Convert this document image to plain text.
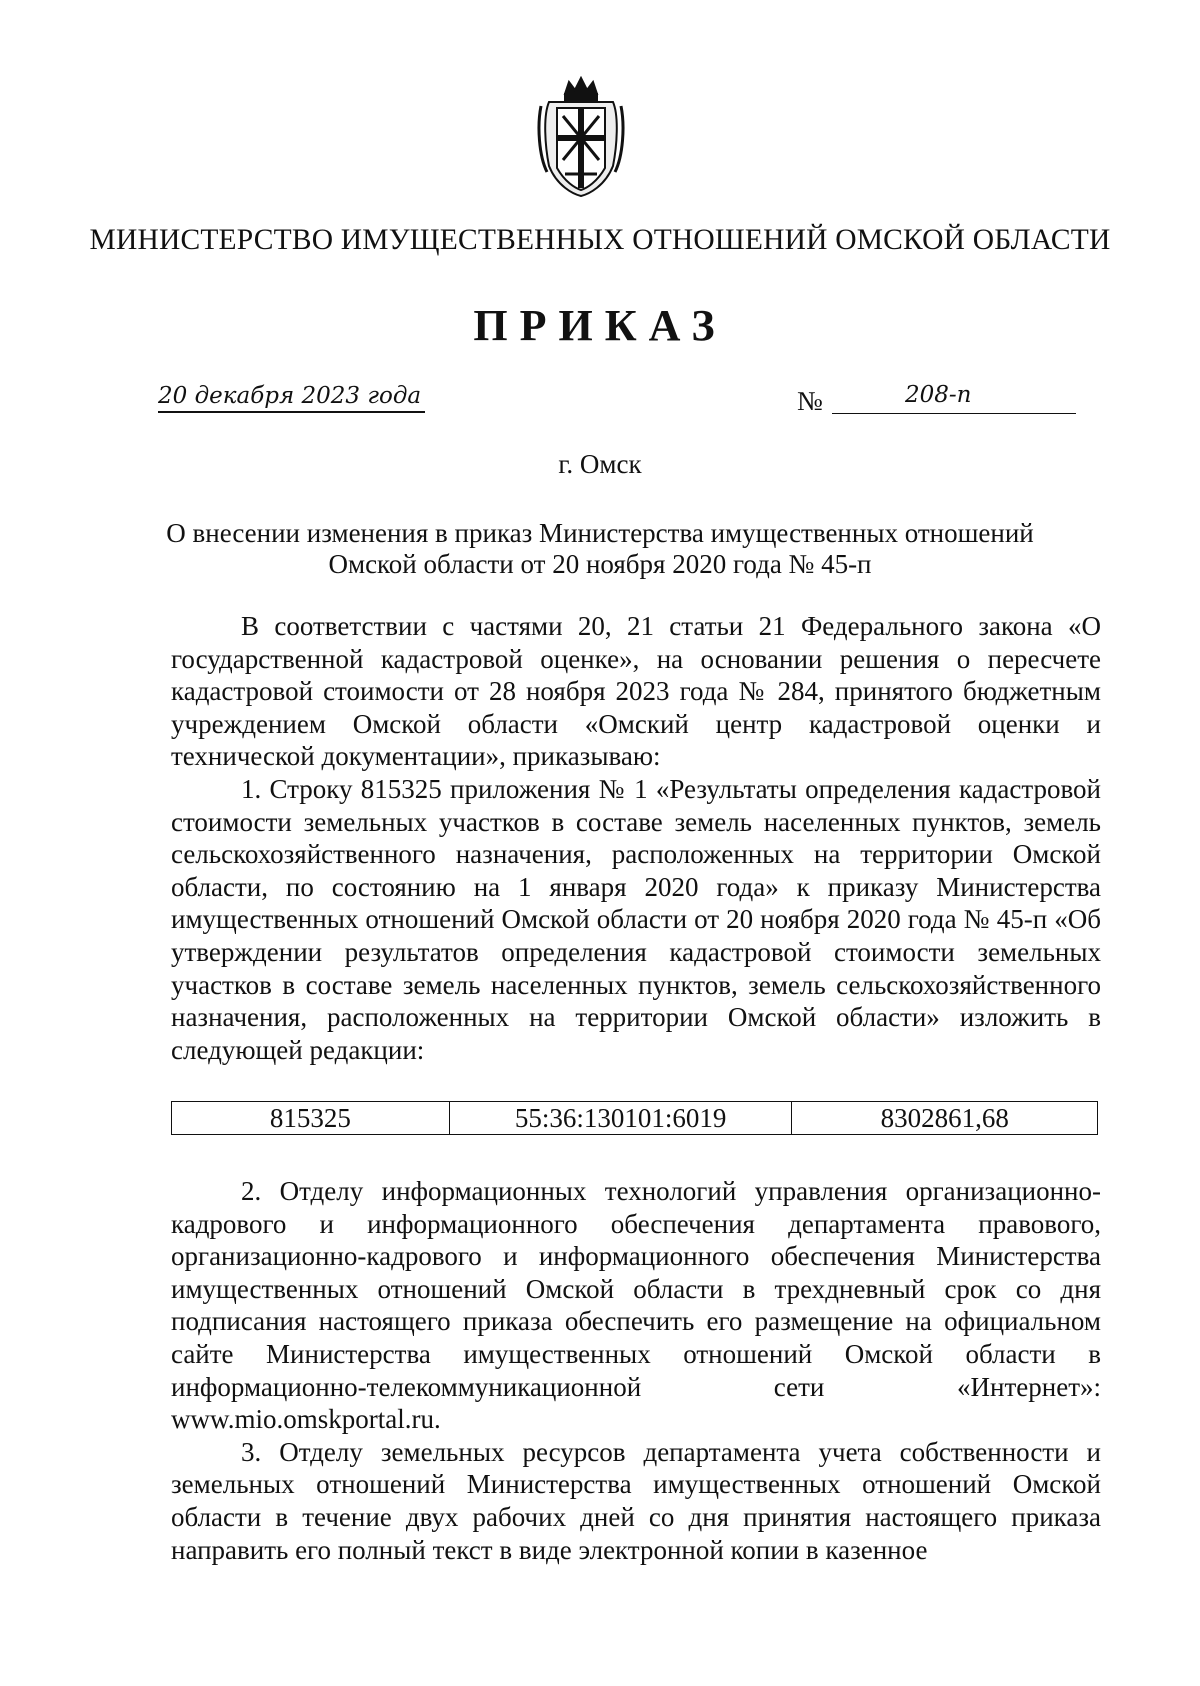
МИНИСТЕРСТВО ИМУЩЕСТВЕННЫХ ОТНОШЕНИЙ ОМСКОЙ ОБЛАСТИ
ПРИКАЗ
20 декабря 2023 года	№	208-п
г. Омск
О внесении изменения в приказ Министерства имущественных отношений
Омской области от 20 ноября 2020 года № 45-п

В соответствии с частями 20, 21 статьи 21 Федерального закона «О государственной кадастровой оценке», на основании решения о пересчете кадастровой стоимости от 28 ноября 2023 года № 284, принятого бюджетным учреждением Омской области «Омский центр кадастровой оценки и технической документации», приказываю:

1. Строку 815325 приложения № 1 «Результаты определения кадастровой стоимости земельных участков в составе земель населенных пунктов, земель сельскохозяйственного назначения, расположенных на территории Омской области, по состоянию на 1 января 2020 года» к приказу Министерства имущественных отношений Омской области от 20 ноября 2020 года № 45-п «Об утверждении результатов определения кадастровой стоимости земельных участков в составе земель населенных пунктов, земель сельскохозяйственного назначения, расположенных на территории Омской области» изложить в следующей редакции:

815325	55:36:130101:6019	8302861,68

2. Отделу информационных технологий управления организационно-кадрового и информационного обеспечения департамента правового, организационно-кадрового и информационного обеспечения Министерства имущественных отношений Омской области в трехдневный срок со дня подписания настоящего приказа обеспечить его размещение на официальном сайте Министерства имущественных отношений Омской области в информационно-телекоммуникационной сети «Интернет»: www.mio.omskportal.ru.

3. Отделу земельных ресурсов департамента учета собственности и земельных отношений Министерства имущественных отношений Омской области в течение двух рабочих дней со дня принятия настоящего приказа направить его полный текст в виде электронной копии в казенное
